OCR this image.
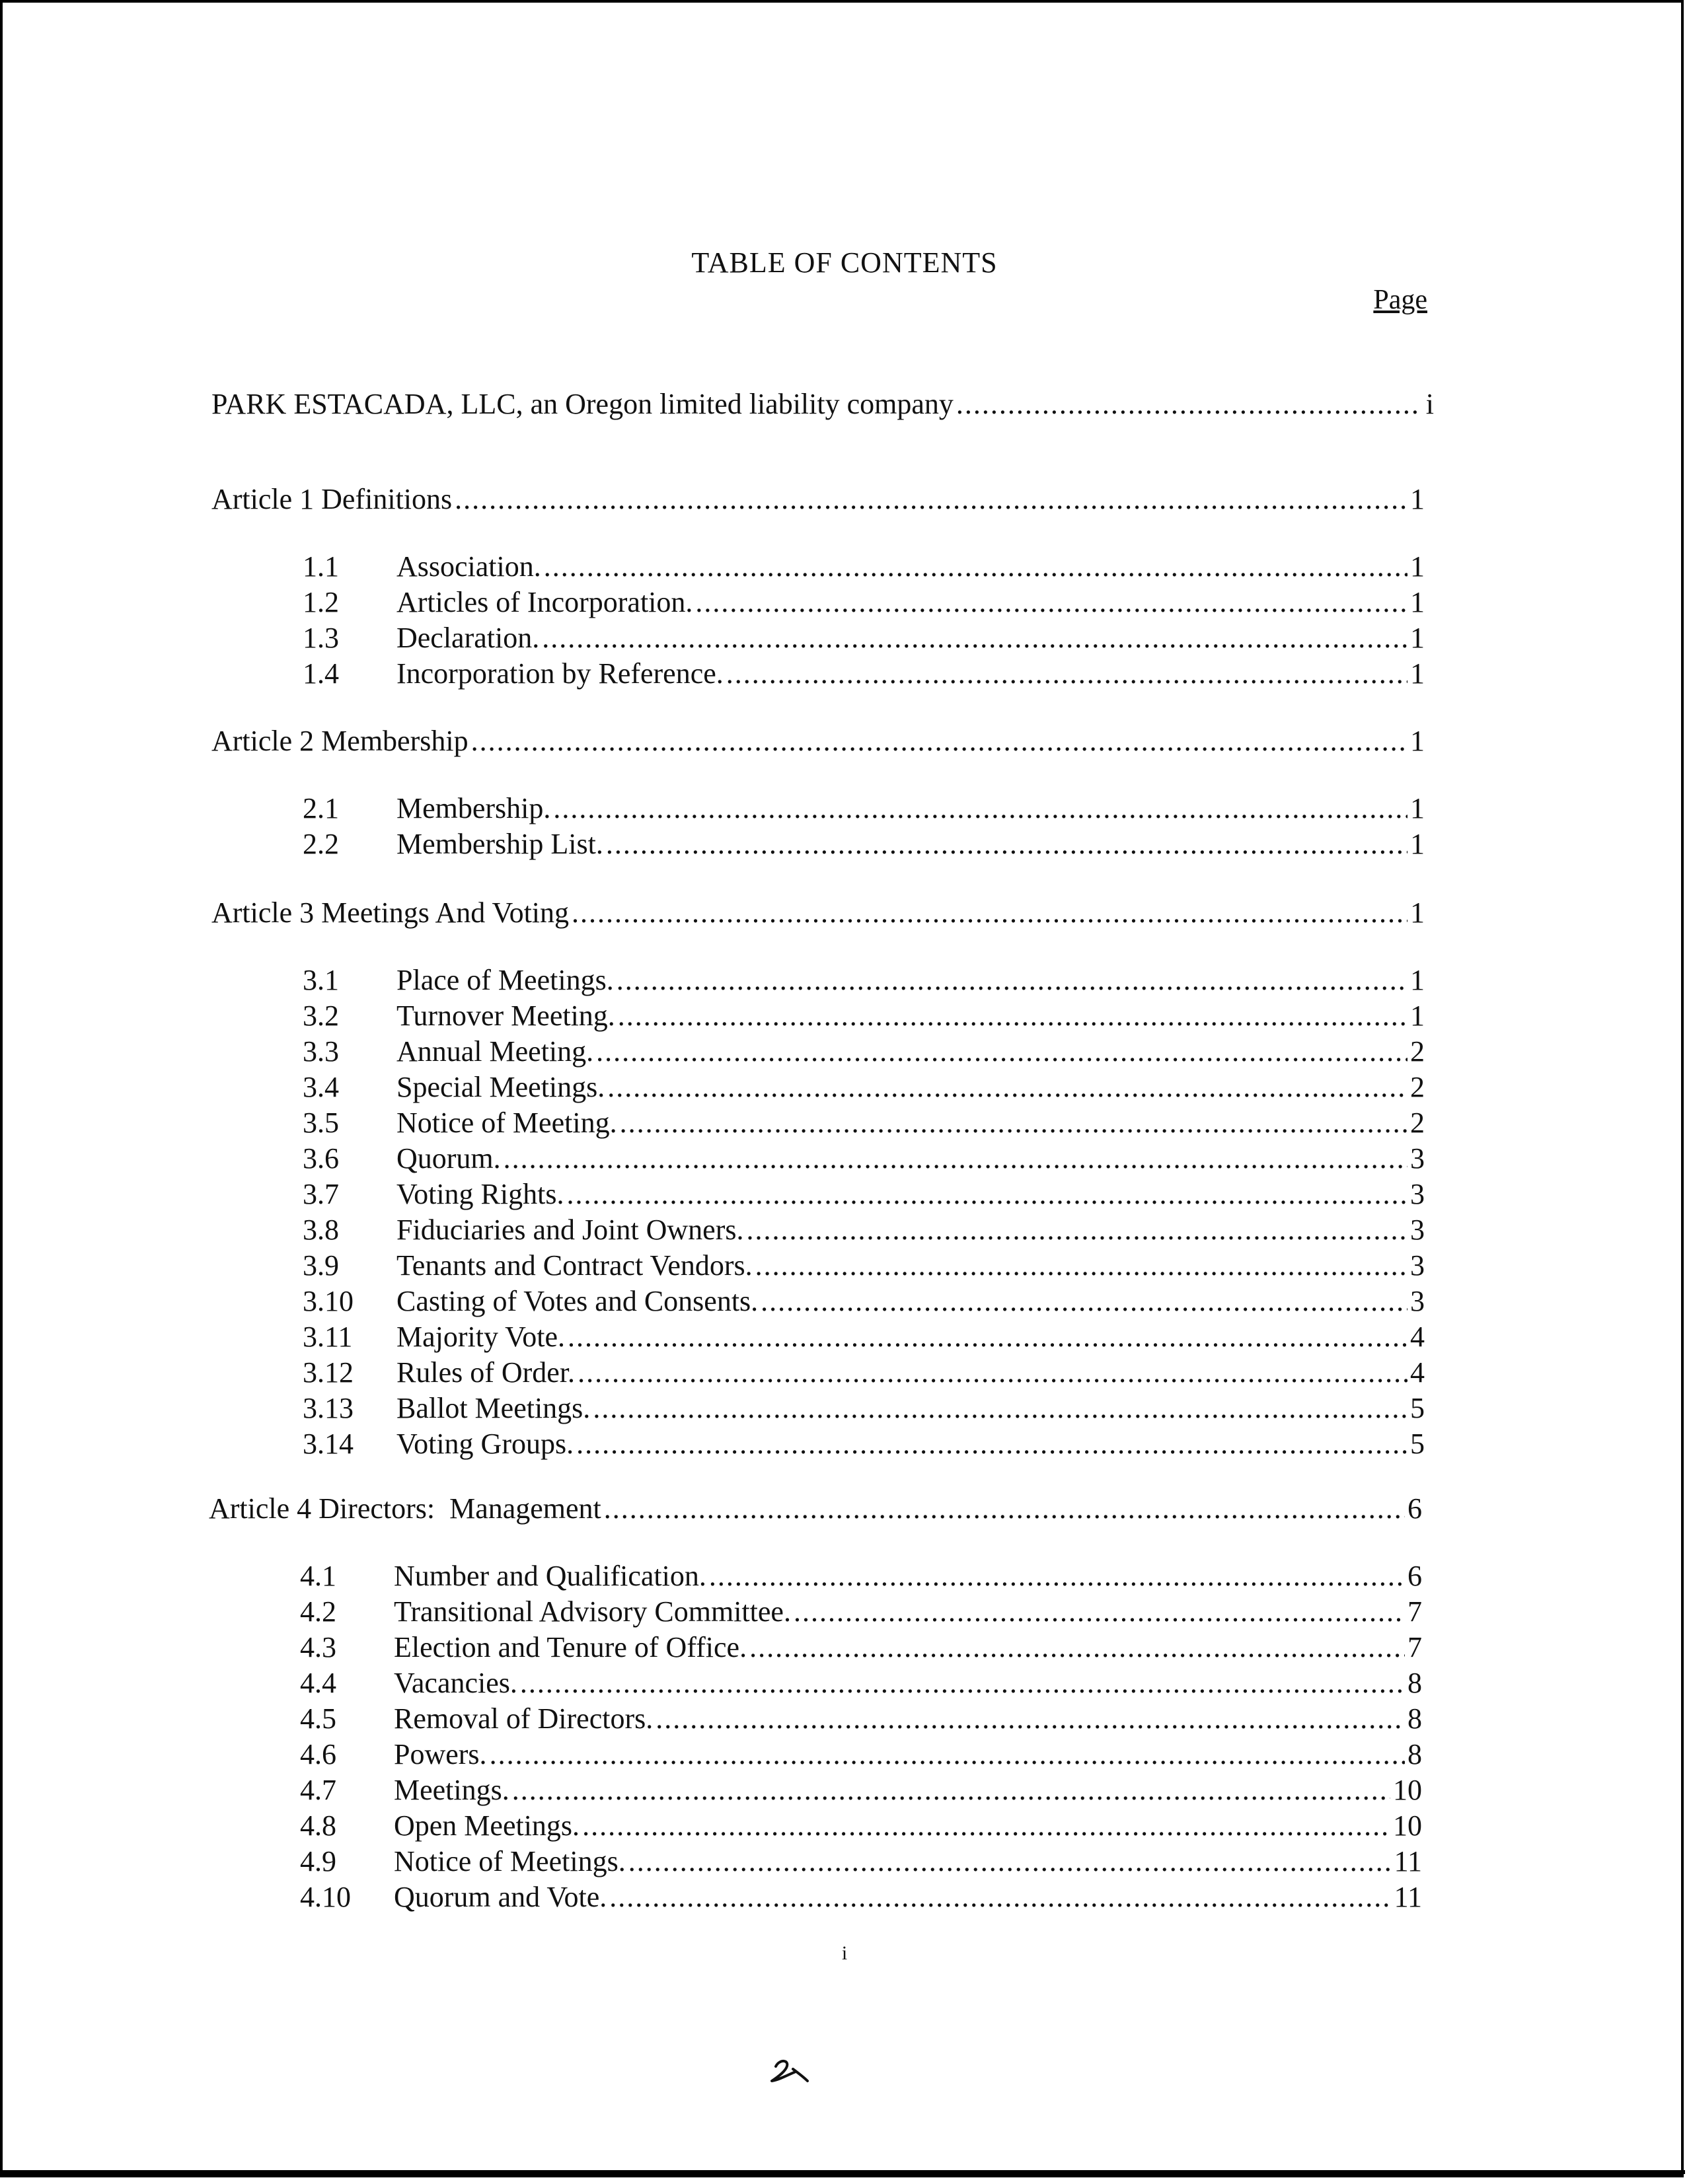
TABLE OF CONTENTS
Page
PARK ESTACADA, LLC, an Oregon limited liability company .....	i
Article 1 Definitions .....	1
1.1	Association. .....	1
1.2	Articles of Incorporation. .....	1
1.3	Declaration. .....	1
1.4	Incorporation by Reference. .....	1
Article 2 Membership .....	1
2.1	Membership. .....	1
2.2	Membership List. .....	1
Article 3 Meetings And Voting .....	1
3.1	Place of Meetings. .....	1
3.2	Turnover Meeting. .....	1
3.3	Annual Meeting. .....	2
3.4	Special Meetings. .....	2
3.5	Notice of Meeting. .....	2
3.6	Quorum. .....	3
3.7	Voting Rights. .....	3
3.8	Fiduciaries and Joint Owners. .....	3
3.9	Tenants and Contract Vendors. .....	3
3.10	Casting of Votes and Consents. .....	3
3.11	Majority Vote. .....	4
3.12	Rules of Order. .....	4
3.13	Ballot Meetings. .....	5
3.14	Voting Groups. .....	5
Article 4 Directors:  Management .....	6
4.1	Number and Qualification. .....	6
4.2	Transitional Advisory Committee. .....	7
4.3	Election and Tenure of Office. .....	7
4.4	Vacancies. .....	8
4.5	Removal of Directors. .....	8
4.6	Powers. .....	8
4.7	Meetings. .....	10
4.8	Open Meetings. .....	10
4.9	Notice of Meetings. .....	11
4.10	Quorum and Vote. .....	11
i
